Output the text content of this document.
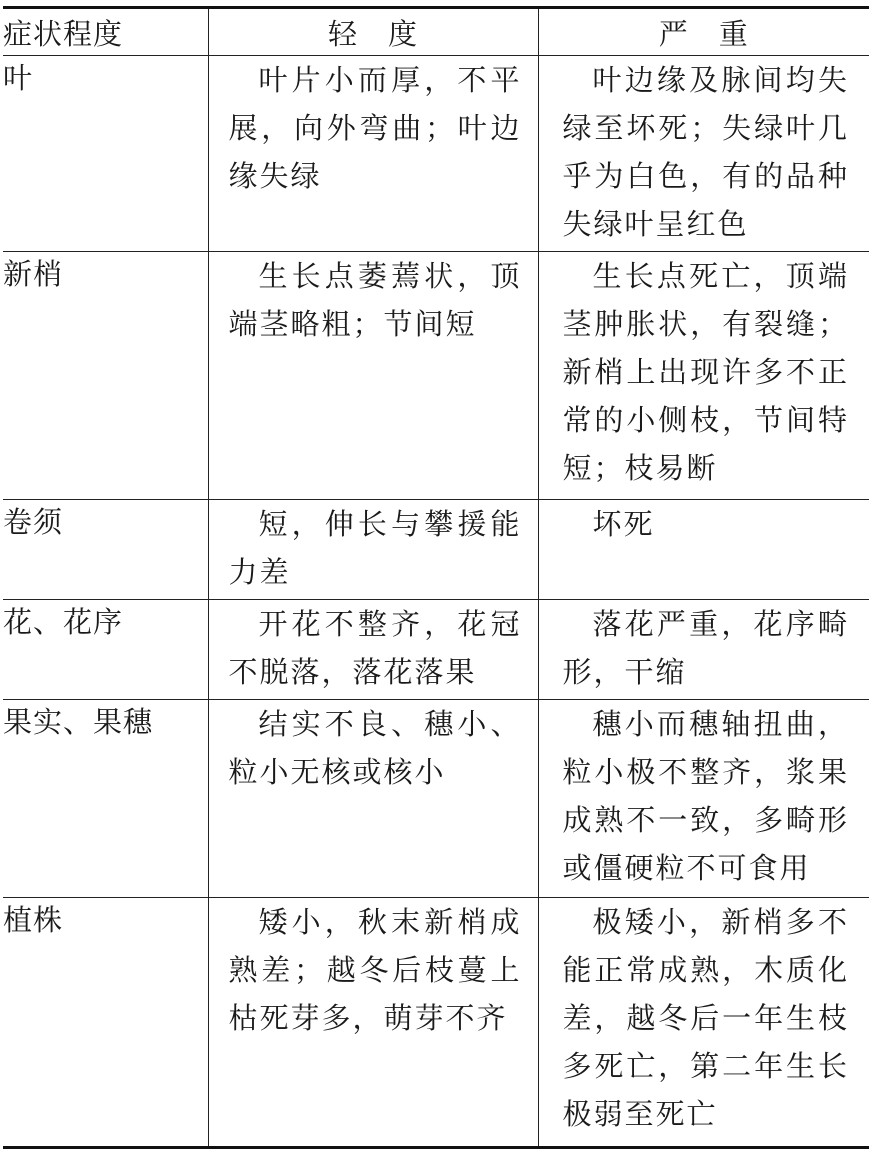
症状程度	轻　度	严　重
叶	叶片小而厚，不平展，向外弯曲；叶边缘失绿	叶边缘及脉间均失绿至坏死；失绿叶几乎为白色，有的品种失绿叶呈红色
新梢	生长点萎蔫状，顶端茎略粗；节间短	生长点死亡，顶端茎肿胀状，有裂缝；新梢上出现许多不正常的小侧枝，节间特短；枝易断
卷须	短，伸长与攀援能力差	坏死
花、花序	开花不整齐，花冠不脱落，落花落果	落花严重，花序畸形，干缩
果实、果穗	结实不良、穗小、粒小无核或核小	穗小而穗轴扭曲，粒小极不整齐，浆果成熟不一致，多畸形或僵硬粒不可食用
植株	矮小，秋末新梢成熟差；越冬后枝蔓上枯死芽多，萌芽不齐	极矮小，新梢多不能正常成熟，木质化差，越冬后一年生枝多死亡，第二年生长极弱至死亡
